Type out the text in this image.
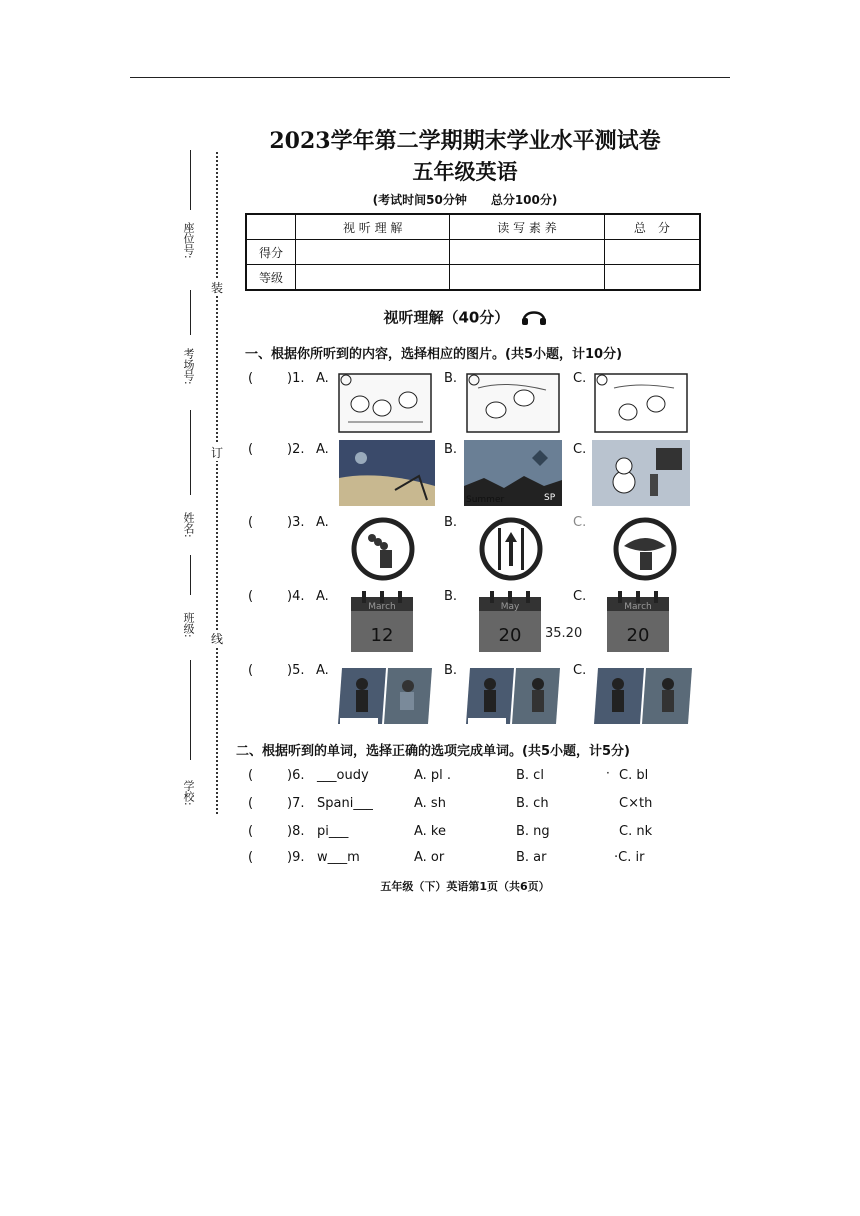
座位号:
考场号:
姓名:
班级:
学校:
装
订
线
2023学年第二学期期末学业水平测试卷
五年级英语
(考试时间50分钟　　总分100分)
	视 听 理 解	读 写 素 养	总　分
得分			
等级			
视听理解（40分）
一、根据你所听到的内容，选择相应的图片。(共5小题，计10分)
(	)1. A.	B.	C.
(	)2. A.	B.	C.
Summer	SP
(	)3. A.	B.	C.
(	)4. A.	B.	C.
March
12
May
20 35.20
March
20
(	)5. A.	B.	C.
二、根据听到的单词，选择正确的选项完成单词。(共5小题，计5分)
(	)6. ___oudy	A. pl .	B. cl	· C. bl
(	)7. Spani___	A. sh	B. ch	C×th
(	)8. pi___	A. ke	B. ng	C. nk
(	)9. w___m	A. or	B. ar	·C. ir
五年级（下）英语第1页（共6页）
